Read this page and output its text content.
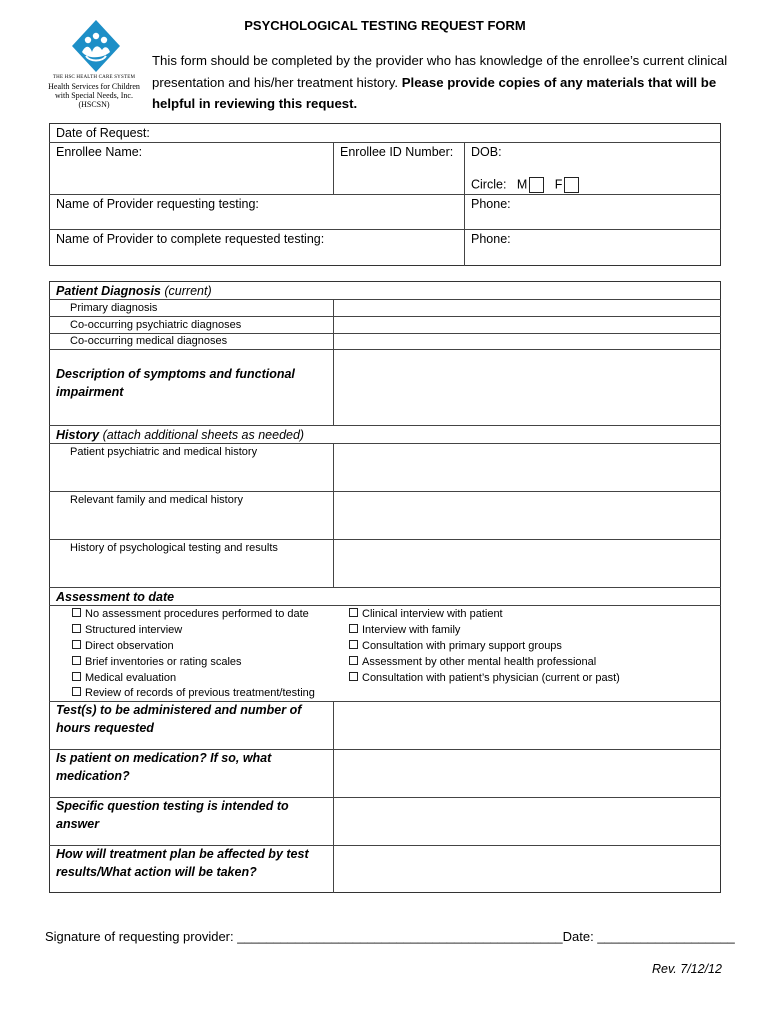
PSYCHOLOGICAL TESTING REQUEST FORM
THE HSC HEALTH CARE SYSTEM
Health Services for Children
with Special Needs, Inc.
(HSCSN)
This form should be completed by the provider who has knowledge of the enrollee’s current clinical presentation and his/her treatment history. Please provide copies of any materials that will be helpful in reviewing this request.
Date of Request:
Enrollee Name:	Enrollee ID Number: DOB:
Circle: M F
Name of Provider requesting testing:	Phone:
Name of Provider to complete requested testing:	Phone:
Patient Diagnosis (current)
Primary diagnosis
Co-occurring psychiatric diagnoses
Co-occurring medical diagnoses
Description of symptoms and functional
impairment
History (attach additional sheets as needed)
Patient psychiatric and medical history
Relevant family and medical history
History of psychological testing and results
Assessment to date
No assessment procedures performed to date
Structured interview
Direct observation
Brief inventories or rating scales
Medical evaluation
Review of records of previous treatment/testing
Clinical interview with patient
Interview with family
Consultation with primary support groups
Assessment by other mental health professional
Consultation with patient’s physician (current or past)
Test(s) to be administered and number of
hours requested
Is patient on medication? If so, what
medication?
Specific question testing is intended to answer
How will treatment plan be affected by test
results/What action will be taken?
Signature of requesting provider: _____________________________________________Date: ___________________
Rev. 7/12/12
